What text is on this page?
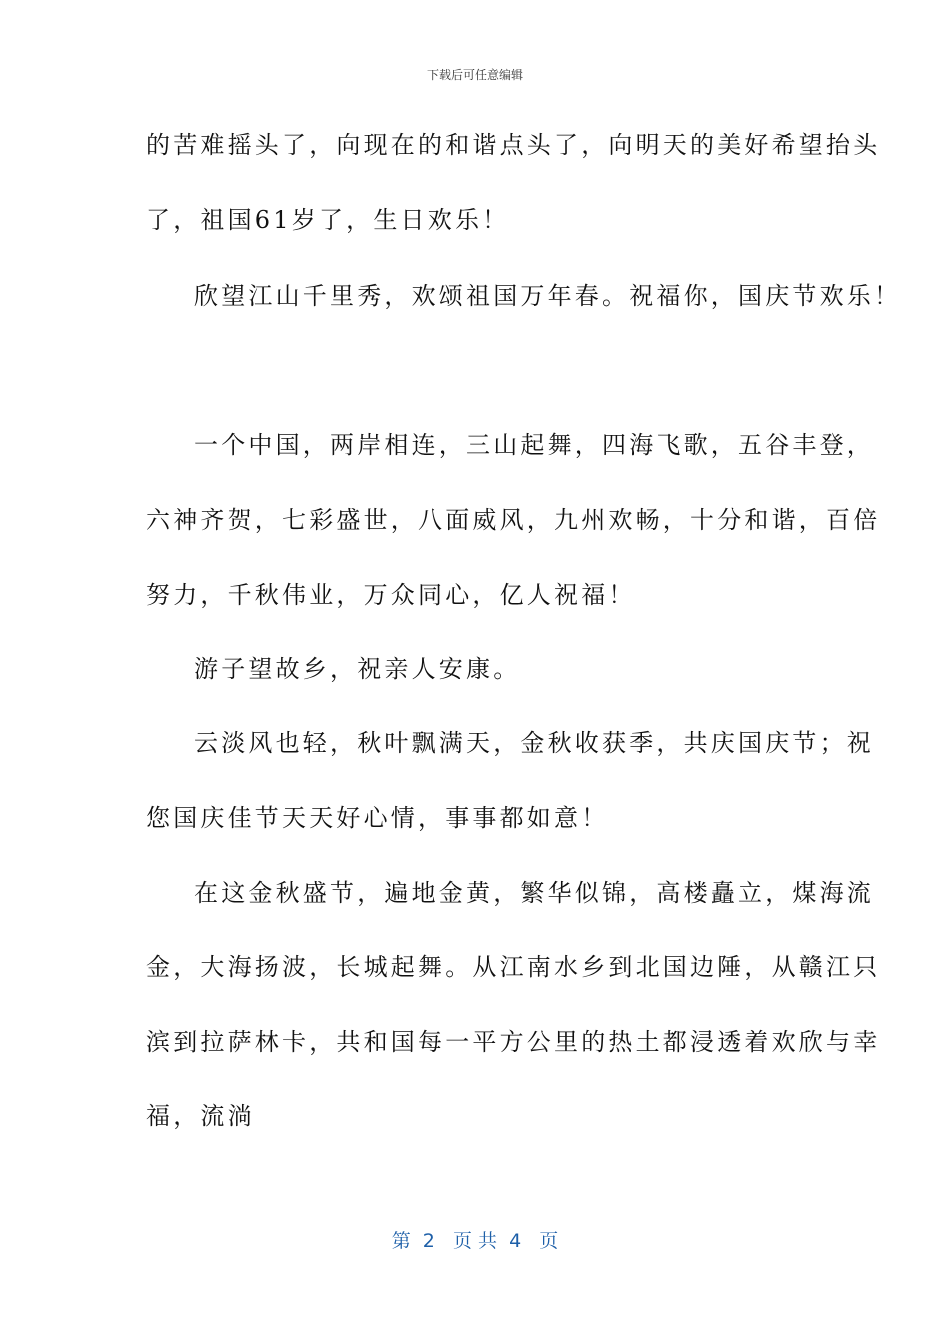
下载后可任意编辑
的苦难摇头了，向现在的和谐点头了，向明天的美好希望抬头
了，祖国61岁了，生日欢乐！
欣望江山千里秀，欢颂祖国万年春。祝福你，国庆节欢乐！
一个中国，两岸相连，三山起舞，四海飞歌，五谷丰登，
六神齐贺，七彩盛世，八面威风，九州欢畅，十分和谐，百倍
努力，千秋伟业，万众同心，亿人祝福！
游子望故乡，祝亲人安康。
云淡风也轻，秋叶飘满天，金秋收获季，共庆国庆节；祝
您国庆佳节天天好心情，事事都如意！
在这金秋盛节，遍地金黄，繁华似锦，高楼矗立，煤海流
金，大海扬波，长城起舞。从江南水乡到北国边陲，从赣江只
滨到拉萨林卡，共和国每一平方公里的热土都浸透着欢欣与幸
福，流淌
第  2   页 共  4   页
